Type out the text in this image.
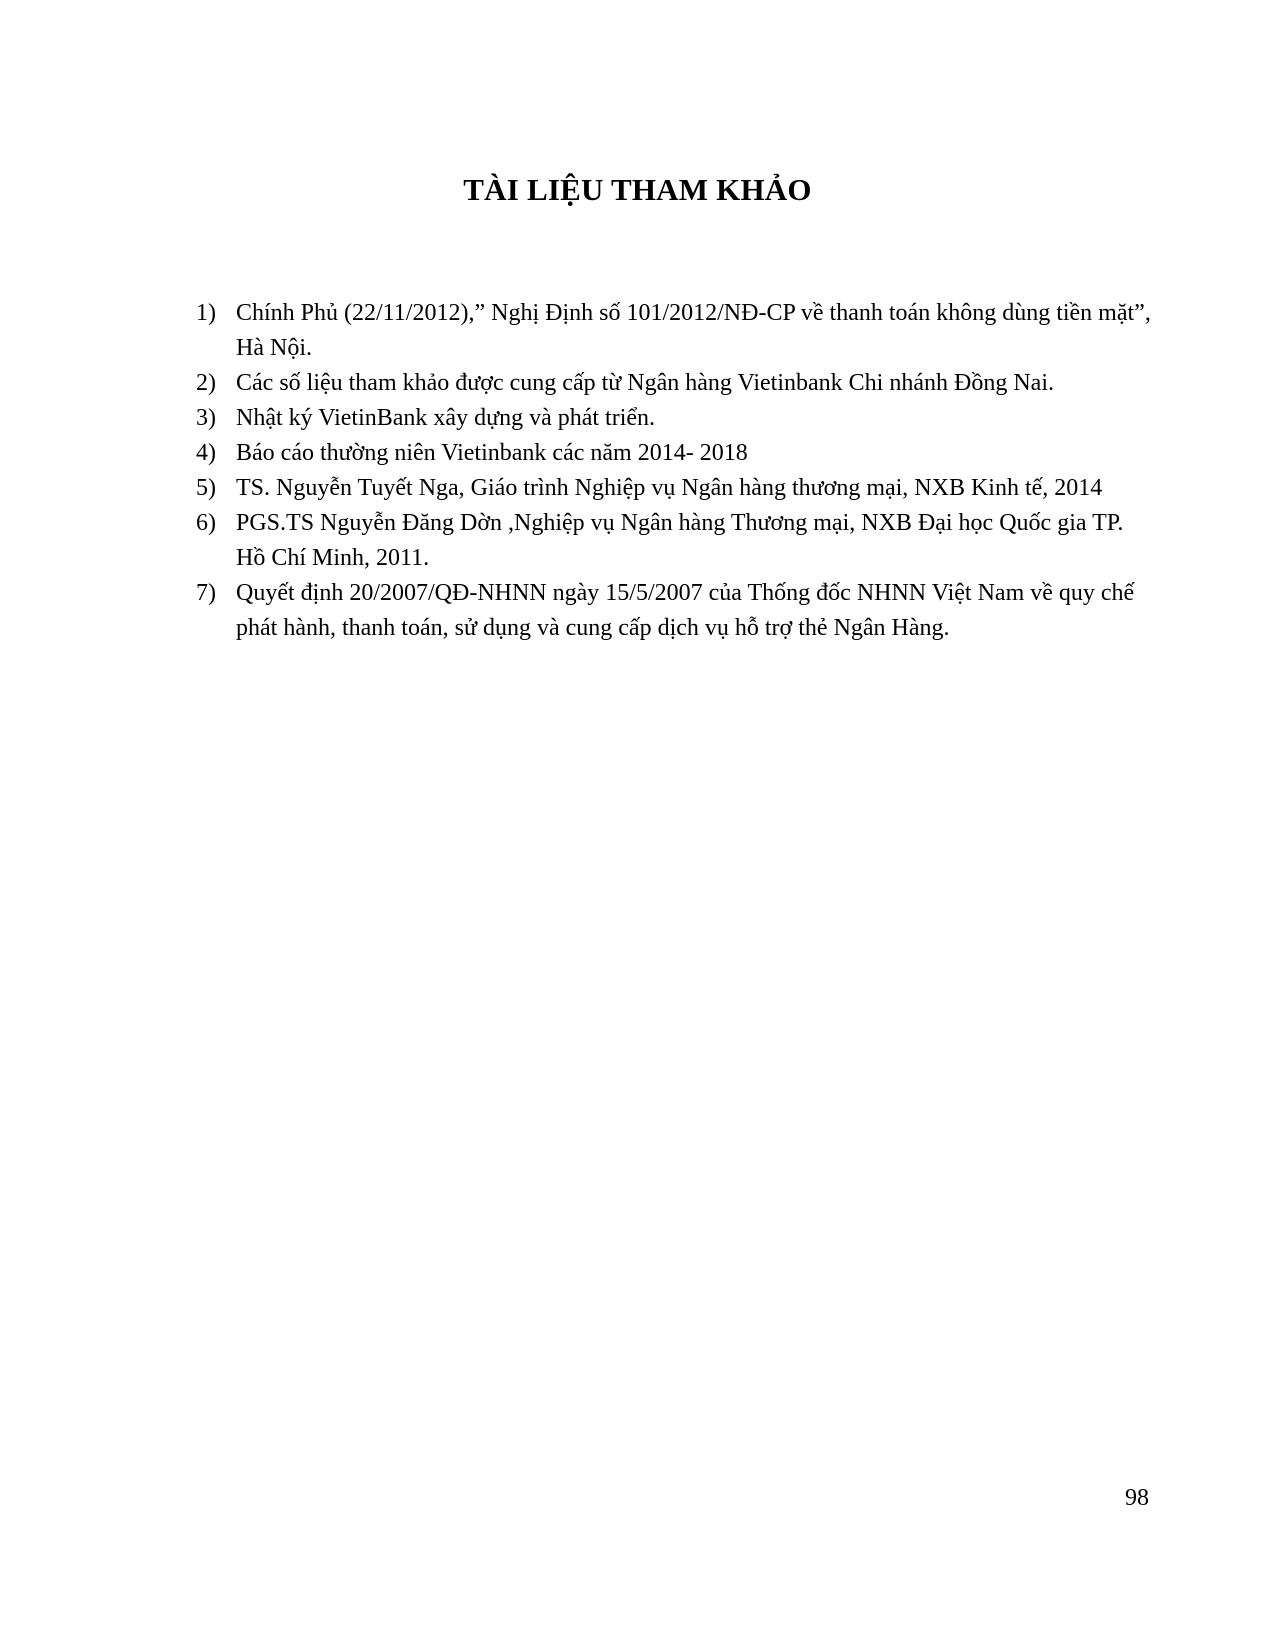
TÀI LIỆU THAM KHẢO
1) Chính Phủ (22/11/2012),” Nghị Định số 101/2012/NĐ-CP về thanh toán không dùng tiền mặt”, Hà Nội.
2) Các số liệu tham khảo được cung cấp từ Ngân hàng Vietinbank Chi nhánh Đồng Nai.
3) Nhật ký VietinBank xây dựng và phát triển.
4) Báo cáo thường niên Vietinbank các năm 2014- 2018
5) TS. Nguyễn Tuyết Nga, Giáo trình Nghiệp vụ Ngân hàng thương mại, NXB Kinh tế, 2014
6) PGS.TS Nguyễn Đăng Dờn ,Nghiệp vụ Ngân hàng Thương mại, NXB Đại học Quốc gia TP. Hồ Chí Minh, 2011.
7) Quyết định 20/2007/QĐ-NHNN ngày 15/5/2007 của Thống đốc NHNN Việt Nam về quy chế phát hành, thanh toán, sử dụng và cung cấp dịch vụ hỗ trợ thẻ Ngân Hàng.
98
